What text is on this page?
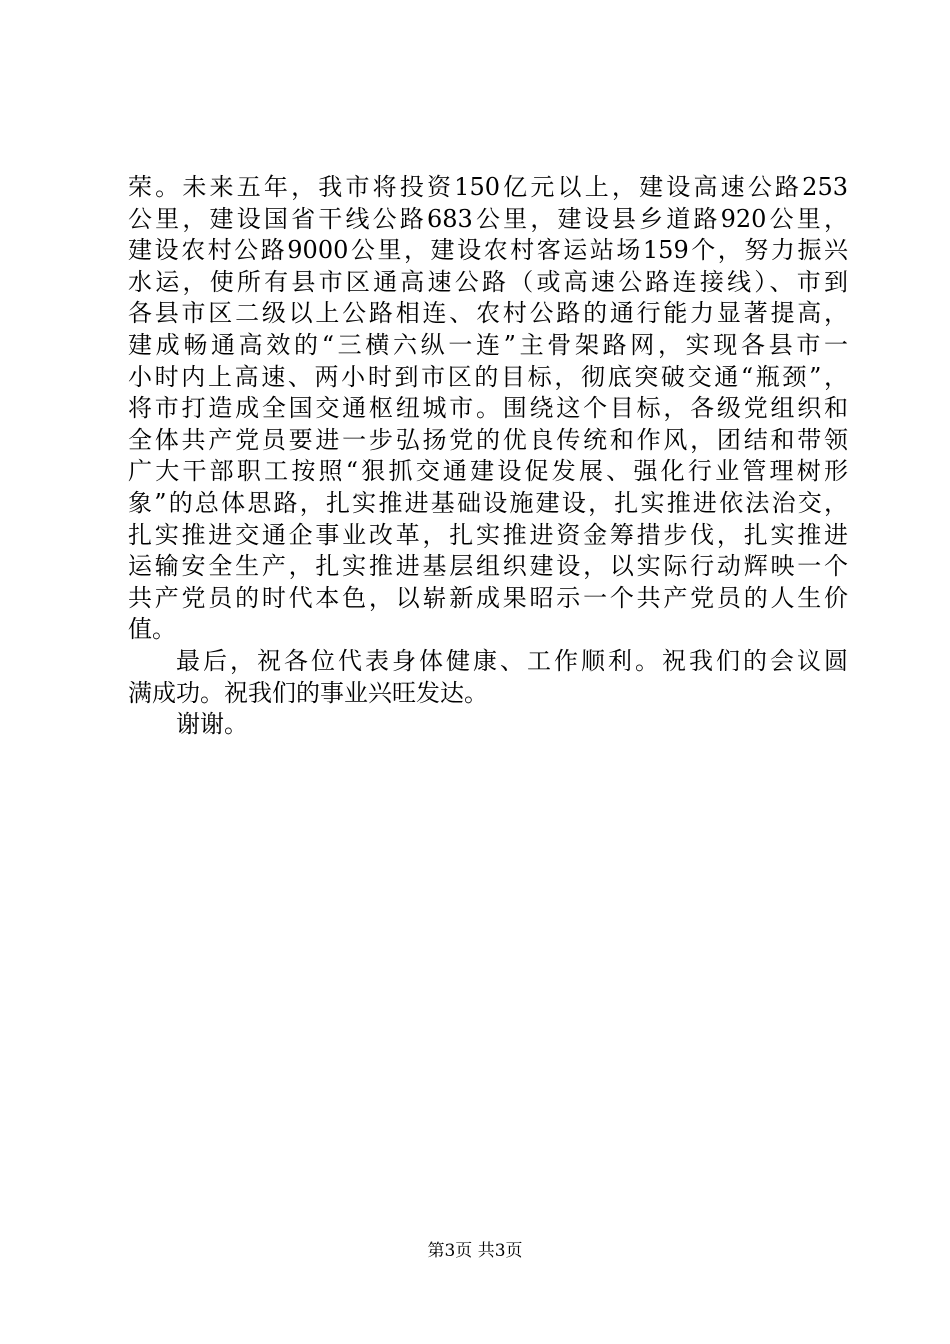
荣。未来五年，我市将投资150亿元以上，建设高速公路253
公里，建设国省干线公路683公里，建设县乡道路920公里，
建设农村公路9000公里，建设农村客运站场159个，努力振兴
水运，使所有县市区通高速公路（或高速公路连接线）、市到
各县市区二级以上公路相连、农村公路的通行能力显著提高，
建成畅通高效的“三横六纵一连”主骨架路网，实现各县市一
小时内上高速、两小时到市区的目标，彻底突破交通“瓶颈”，
将市打造成全国交通枢纽城市。围绕这个目标，各级党组织和
全体共产党员要进一步弘扬党的优良传统和作风，团结和带领
广大干部职工按照“狠抓交通建设促发展、强化行业管理树形
象”的总体思路，扎实推进基础设施建设，扎实推进依法治交，
扎实推进交通企事业改革，扎实推进资金筹措步伐，扎实推进
运输安全生产，扎实推进基层组织建设，以实际行动辉映一个
共产党员的时代本色，以崭新成果昭示一个共产党员的人生价
值。
最后，祝各位代表身体健康、工作顺利。祝我们的会议圆
满成功。祝我们的事业兴旺发达。
谢谢。
第3页 共3页
